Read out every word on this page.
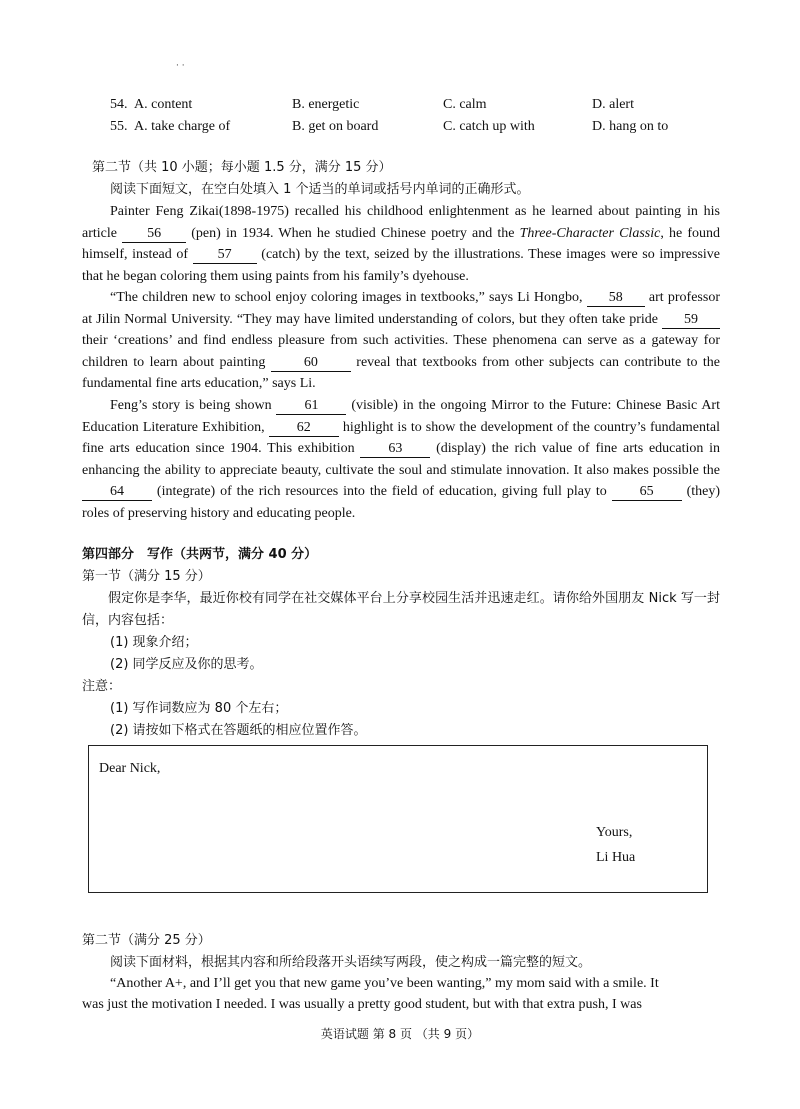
· ·
54. A. content	B. energetic	C. calm	D. alert
55. A. take charge of	B. get on board	C. catch up with	D. hang on to
第二节（共 10 小题；每小题 1.5 分，满分 15 分）
阅读下面短文，在空白处填入 1 个适当的单词或括号内单词的正确形式。
Painter Feng Zikai(1898-1975) recalled his childhood enlightenment as he learned about painting in his article 56 (pen) in 1934. When he studied Chinese poetry and the Three-Character Classic, he found himself, instead of 57 (catch) by the text, seized by the illustrations. These images were so impressive that he began coloring them using paints from his family’s dyehouse.
“The children new to school enjoy coloring images in textbooks,” says Li Hongbo, 58 art professor at Jilin Normal University. “They may have limited understanding of colors, but they often take pride 59 their ‘creations’ and find endless pleasure from such activities. These phenomena can serve as a gateway for children to learn about painting 60 reveal that textbooks from other subjects can contribute to the fundamental fine arts education,” says Li.
Feng’s story is being shown 61 (visible) in the ongoing Mirror to the Future: Chinese Basic Art Education Literature Exhibition, 62 highlight is to show the development of the country’s fundamental fine arts education since 1904. This exhibition 63 (display) the rich value of fine arts education in enhancing the ability to appreciate beauty, cultivate the soul and stimulate innovation. It also makes possible the 64 (integrate) of the rich resources into the field of education, giving full play to 65 (they) roles of preserving history and educating people.
第四部分　写作（共两节，满分 40 分）
第一节（满分 15 分）
假定你是李华，最近你校有同学在社交媒体平台上分享校园生活并迅速走红。请你给外国朋友 Nick 写一封信，内容包括：
(1) 现象介绍；
(2) 同学反应及你的思考。
注意：
(1) 写作词数应为 80 个左右；
(2) 请按如下格式在答题纸的相应位置作答。
Dear Nick,
Yours,
Li Hua
第二节（满分 25 分）
阅读下面材料，根据其内容和所给段落开头语续写两段，使之构成一篇完整的短文。
“Another A+, and I’ll get you that new game you’ve been wanting,” my mom said with a smile. It
was just the motivation I needed. I was usually a pretty good student, but with that extra push, I was
英语试题 第 8 页 （共 9 页）
